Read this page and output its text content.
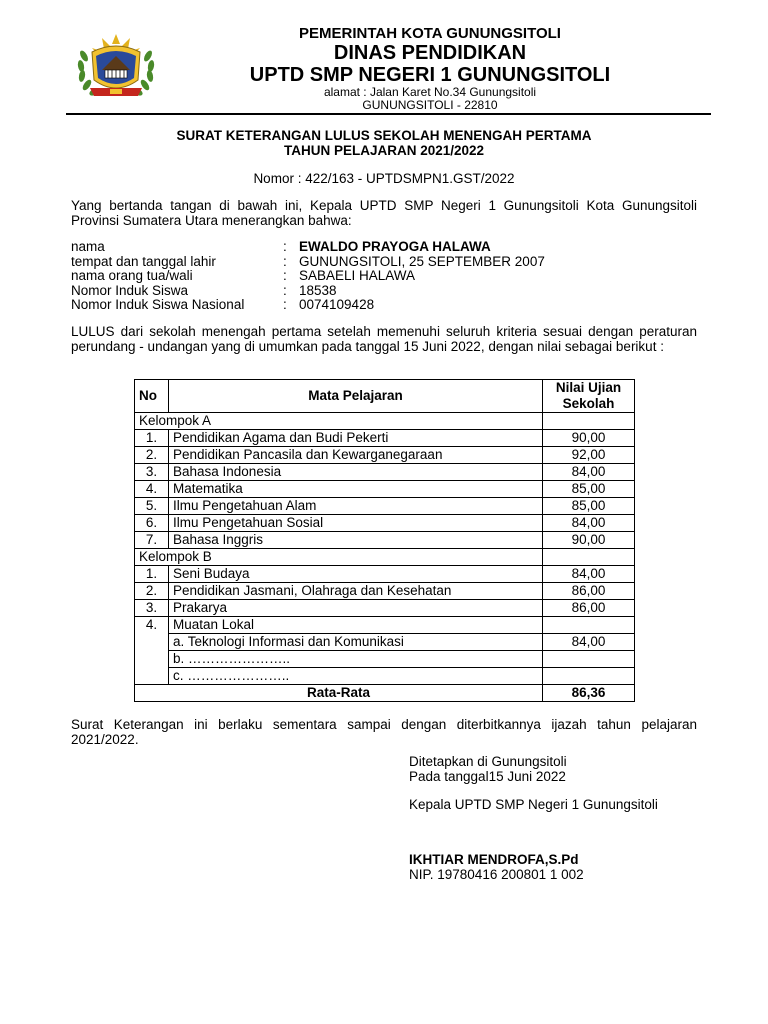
PEMERINTAH KOTA GUNUNGSITOLI
DINAS PENDIDIKAN
UPTD SMP NEGERI 1 GUNUNGSITOLI
alamat : Jalan Karet No.34 Gunungsitoli
GUNUNGSITOLI - 22810
SURAT KETERANGAN LULUS SEKOLAH MENENGAH PERTAMA
TAHUN PELAJARAN 2021/2022
Nomor : 422/163 - UPTDSMPN1.GST/2022
Yang bertanda tangan di bawah ini, Kepala UPTD SMP Negeri 1 Gunungsitoli Kota Gunungsitoli Provinsi Sumatera Utara menerangkan bahwa:
nama	: EWALDO PRAYOGA HALAWA
tempat dan tanggal lahir	: GUNUNGSITOLI, 25 SEPTEMBER 2007
nama orang tua/wali	: SABAELI HALAWA
Nomor Induk Siswa	: 18538
Nomor Induk Siswa Nasional	: 0074109428
LULUS dari sekolah menengah pertama setelah memenuhi seluruh kriteria sesuai dengan peraturan perundang - undangan yang di umumkan pada tanggal 15 Juni 2022, dengan nilai sebagai berikut :
No	Mata Pelajaran	Nilai Ujian Sekolah
Kelompok A		
1.	Pendidikan Agama dan Budi Pekerti	90,00
2.	Pendidikan Pancasila dan Kewarganegaraan	92,00
3.	Bahasa Indonesia	84,00
4.	Matematika	85,00
5.	Ilmu Pengetahuan Alam	85,00
6.	Ilmu Pengetahuan Sosial	84,00
7.	Bahasa Inggris	90,00
Kelompok B		
1.	Seni Budaya	84,00
2.	Pendidikan Jasmani, Olahraga dan Kesehatan	86,00
3.	Prakarya	86,00
4.	Muatan Lokal	
	a. Teknologi Informasi dan Komunikasi	84,00
	b. …………………..	
	c. …………………..	
Rata-Rata		86,36
Surat Keterangan ini berlaku sementara sampai dengan diterbitkannya ijazah tahun pelajaran 2021/2022.
Ditetapkan di Gunungsitoli
Pada tanggal15 Juni 2022
Kepala UPTD SMP Negeri 1 Gunungsitoli
IKHTIAR MENDROFA,S.Pd
NIP. 19780416 200801 1 002
